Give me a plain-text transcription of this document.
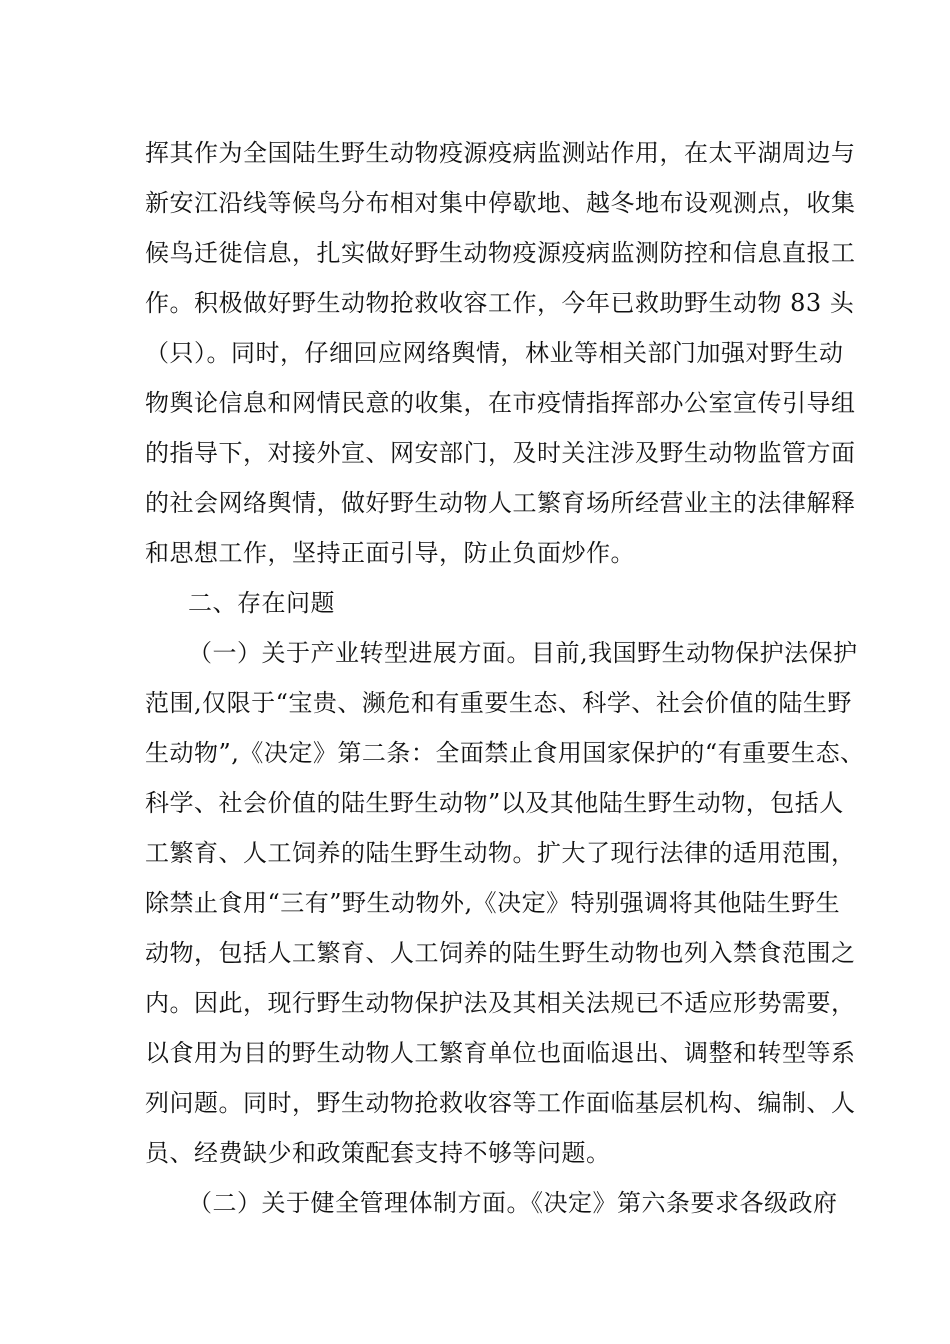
挥其作为全国陆生野生动物疫源疫病监测站作用，在太平湖周边与
新安江沿线等候鸟分布相对集中停歇地、越冬地布设观测点，收集
候鸟迁徙信息，扎实做好野生动物疫源疫病监测防控和信息直报工
作。积极做好野生动物抢救收容工作，今年已救助野生动物 83 头
（只）。同时，仔细回应网络舆情，林业等相关部门加强对野生动
物舆论信息和网情民意的收集，在市疫情指挥部办公室宣传引导组
的指导下，对接外宣、网安部门，及时关注涉及野生动物监管方面
的社会网络舆情，做好野生动物人工繁育场所经营业主的法律解释
和思想工作，坚持正面引导，防止负面炒作。
二、存在问题
（一）关于产业转型进展方面。目前,我国野生动物保护法保护
范围,仅限于“宝贵、濒危和有重要生态、科学、社会价值的陆生野
生动物”,《决定》第二条：全面禁止食用国家保护的“有重要生态、
科学、社会价值的陆生野生动物”以及其他陆生野生动物，包括人
工繁育、人工饲养的陆生野生动物。扩大了现行法律的适用范围，
除禁止食用“三有”野生动物外,《决定》特别强调将其他陆生野生
动物，包括人工繁育、人工饲养的陆生野生动物也列入禁食范围之
内。因此，现行野生动物保护法及其相关法规已不适应形势需要，
以食用为目的野生动物人工繁育单位也面临退出、调整和转型等系
列问题。同时，野生动物抢救收容等工作面临基层机构、编制、人
员、经费缺少和政策配套支持不够等问题。
（二）关于健全管理体制方面。《决定》第六条要求各级政府
